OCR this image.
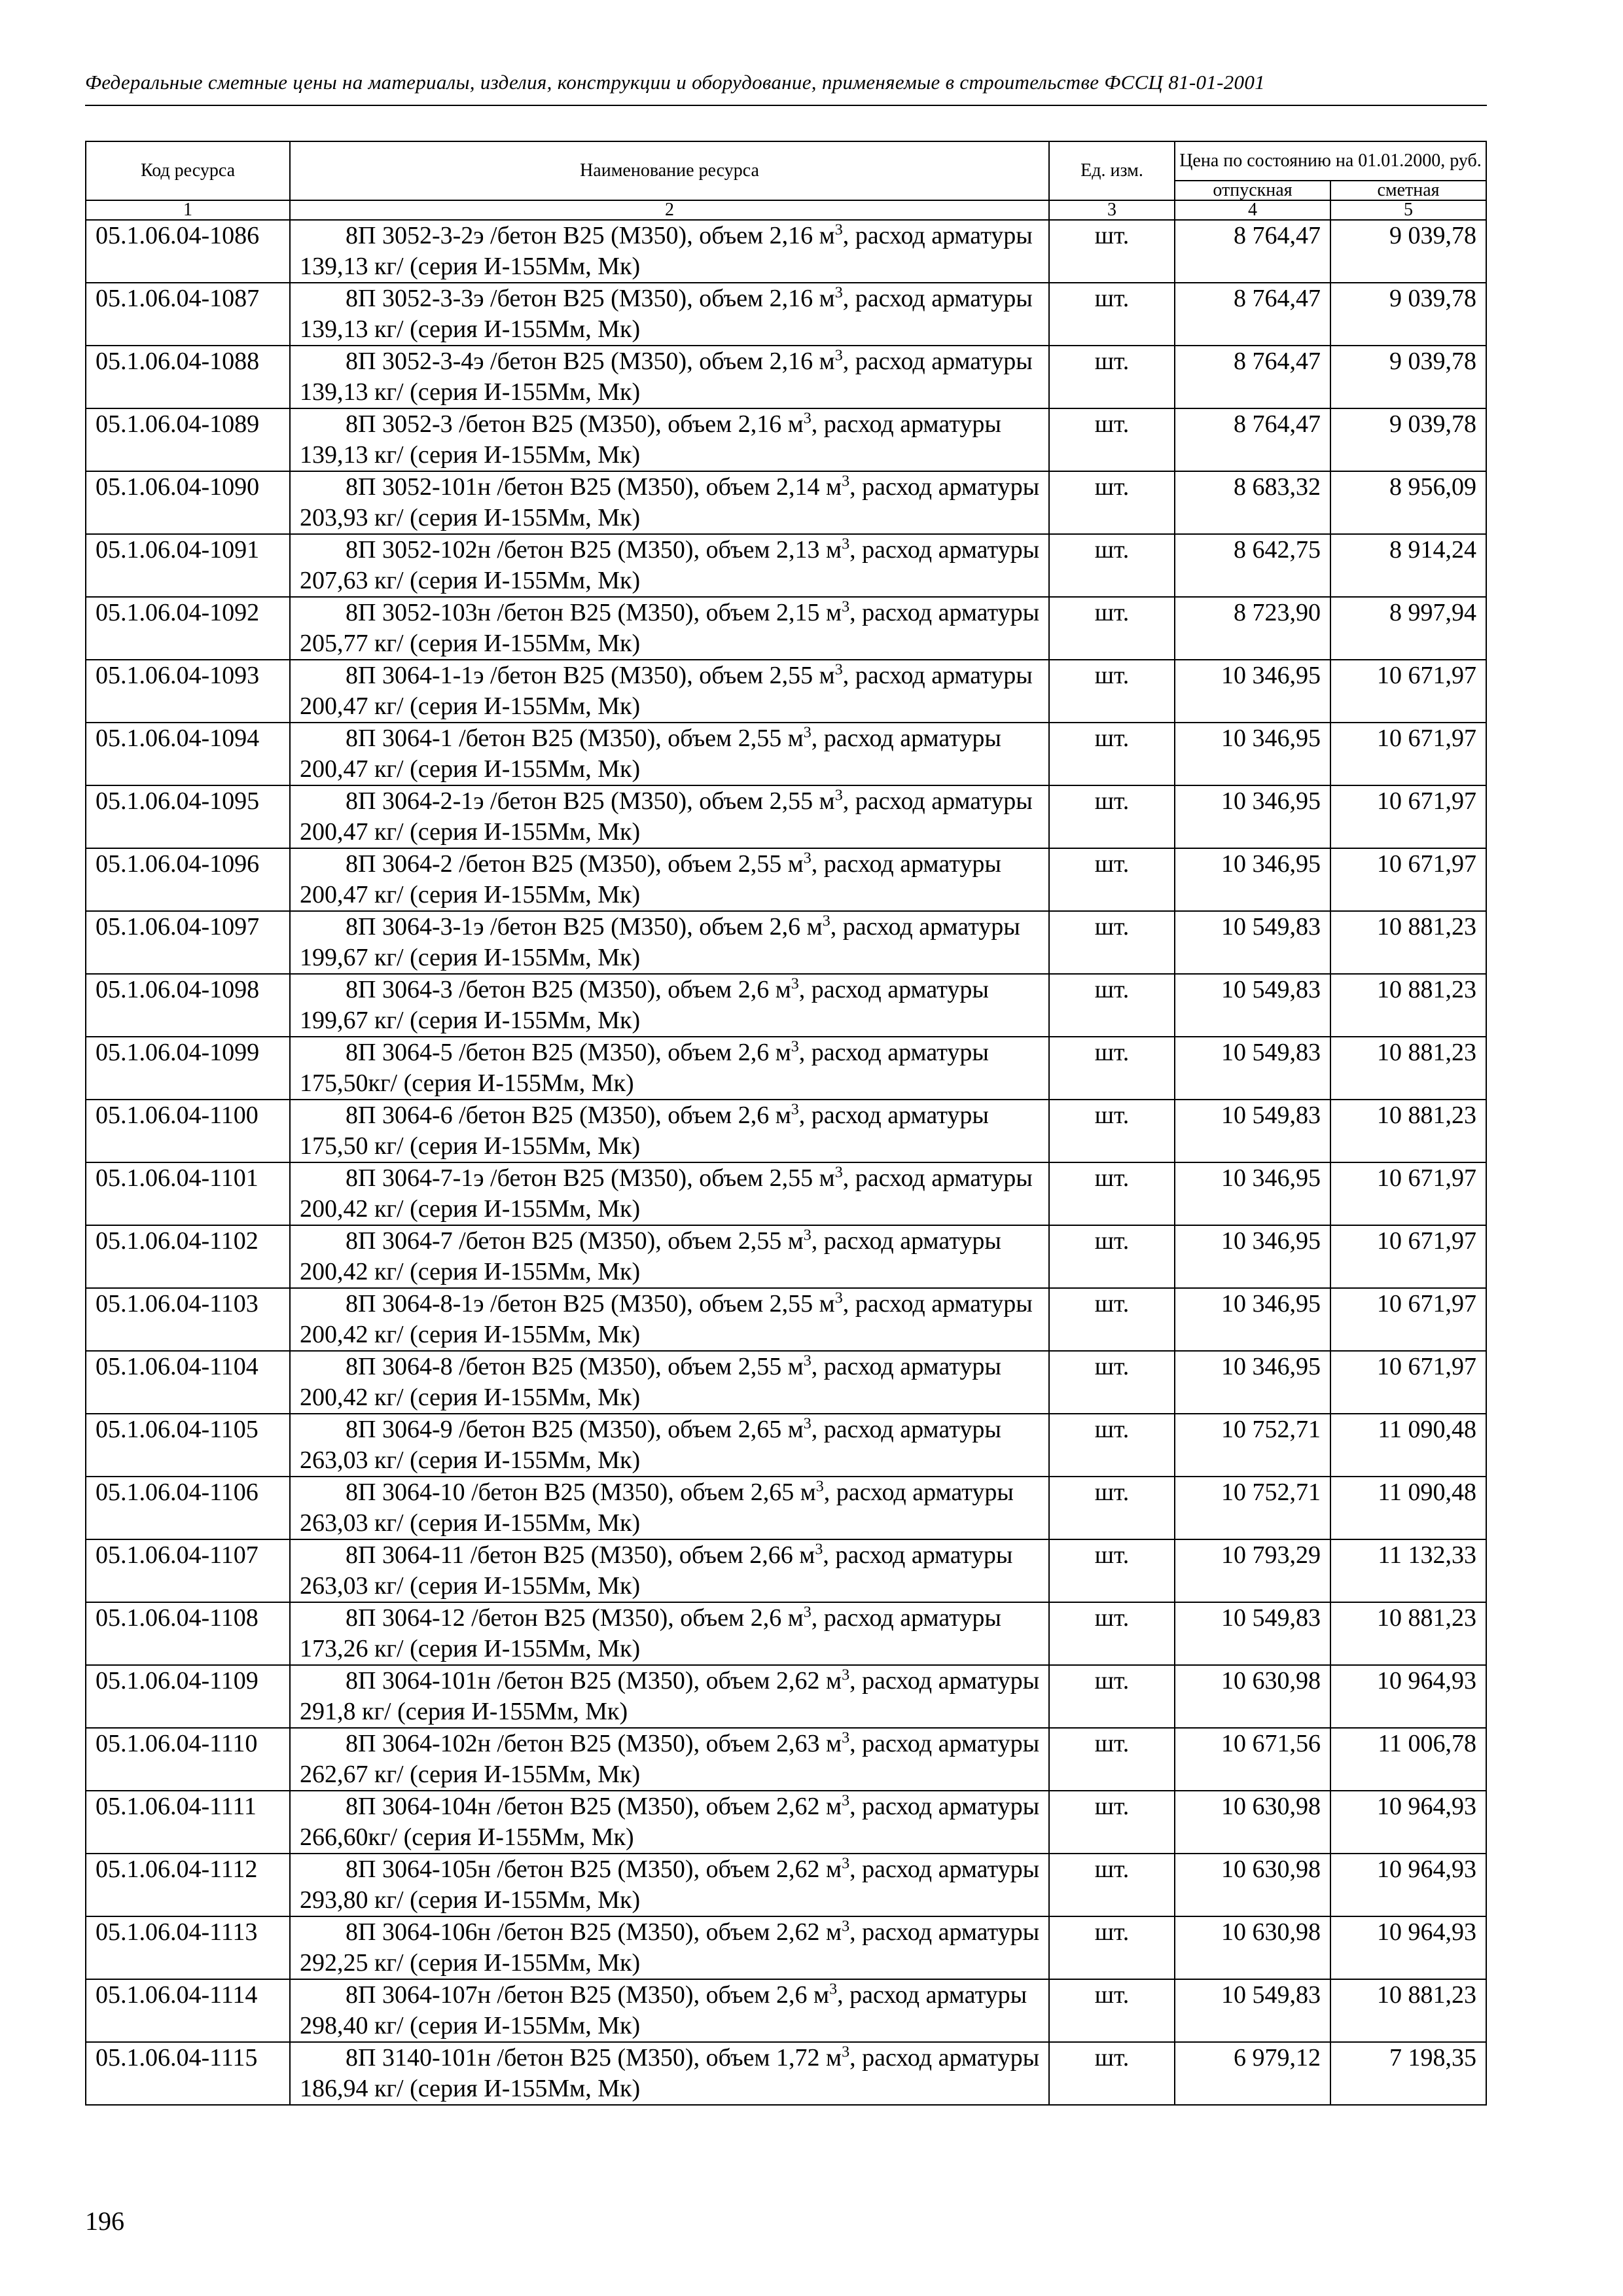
Федеральные сметные цены на материалы, изделия, конструкции и оборудование, применяемые в строительстве ФССЦ 81-01-2001
Код ресурса	Наименование ресурса	Ед. изм.	Цена по состоянию на 01.01.2000, руб.	
			отпускная	сметная
1	2	3	4	5
05.1.06.04-1086	8П 3052-3-2э /бетон В25 (М350), объем 2,16 $м^3$, расход арматуры 139,13 кг/ (серия И-155Мм, Мк)	шт.	8 764,47	9 039,78
05.1.06.04-1087	8П 3052-3-3э /бетон В25 (М350), объем 2,16 $м^3$, расход арматуры 139,13 кг/ (серия И-155Мм, Мк)	шт.	8 764,47	9 039,78
05.1.06.04-1088	8П 3052-3-4э /бетон В25 (М350), объем 2,16 $м^3$, расход арматуры 139,13 кг/ (серия И-155Мм, Мк)	шт.	8 764,47	9 039,78
05.1.06.04-1089	8П 3052-3 /бетон В25 (М350), объем 2,16 $м^3$, расход арматуры 139,13 кг/ (серия И-155Мм, Мк)	шт.	8 764,47	9 039,78
05.1.06.04-1090	8П 3052-101н /бетон В25 (М350), объем 2,14 $м^3$, расход арматуры 203,93 кг/ (серия И-155Мм, Мк)	шт.	8 683,32	8 956,09
05.1.06.04-1091	8П 3052-102н /бетон В25 (М350), объем 2,13 $м^3$, расход арматуры 207,63 кг/ (серия И-155Мм, Мк)	шт.	8 642,75	8 914,24
05.1.06.04-1092	8П 3052-103н /бетон В25 (М350), объем 2,15 $м^3$, расход арматуры 205,77 кг/ (серия И-155Мм, Мк)	шт.	8 723,90	8 997,94
05.1.06.04-1093	8П 3064-1-1э /бетон В25 (М350), объем 2,55 $м^3$, расход арматуры 200,47 кг/ (серия И-155Мм, Мк)	шт.	10 346,95	10 671,97
05.1.06.04-1094	8П 3064-1 /бетон В25 (М350), объем 2,55 $м^3$, расход арматуры 200,47 кг/ (серия И-155Мм, Мк)	шт.	10 346,95	10 671,97
05.1.06.04-1095	8П 3064-2-1э /бетон В25 (М350), объем 2,55 $м^3$, расход арматуры 200,47 кг/ (серия И-155Мм, Мк)	шт.	10 346,95	10 671,97
05.1.06.04-1096	8П 3064-2 /бетон В25 (М350), объем 2,55 $м^3$, расход арматуры 200,47 кг/ (серия И-155Мм, Мк)	шт.	10 346,95	10 671,97
05.1.06.04-1097	8П 3064-3-1э /бетон В25 (М350), объем 2,6 $м^3$, расход арматуры 199,67 кг/ (серия И-155Мм, Мк)	шт.	10 549,83	10 881,23
05.1.06.04-1098	8П 3064-3 /бетон В25 (М350), объем 2,6 $м^3$, расход арматуры 199,67 кг/ (серия И-155Мм, Мк)	шт.	10 549,83	10 881,23
05.1.06.04-1099	8П 3064-5 /бетон В25 (М350), объем 2,6 $м^3$, расход арматуры 175,50кг/ (серия И-155Мм, Мк)	шт.	10 549,83	10 881,23
05.1.06.04-1100	8П 3064-6 /бетон В25 (М350), объем 2,6 $м^3$, расход арматуры 175,50 кг/ (серия И-155Мм, Мк)	шт.	10 549,83	10 881,23
05.1.06.04-1101	8П 3064-7-1э /бетон В25 (М350), объем 2,55 $м^3$, расход арматуры 200,42 кг/ (серия И-155Мм, Мк)	шт.	10 346,95	10 671,97
05.1.06.04-1102	8П 3064-7 /бетон В25 (М350), объем 2,55 $м^3$, расход арматуры 200,42 кг/ (серия И-155Мм, Мк)	шт.	10 346,95	10 671,97
05.1.06.04-1103	8П 3064-8-1э /бетон В25 (М350), объем 2,55 $м^3$, расход арматуры 200,42 кг/ (серия И-155Мм, Мк)	шт.	10 346,95	10 671,97
05.1.06.04-1104	8П 3064-8 /бетон В25 (М350), объем 2,55 $м^3$, расход арматуры 200,42 кг/ (серия И-155Мм, Мк)	шт.	10 346,95	10 671,97
05.1.06.04-1105	8П 3064-9 /бетон В25 (М350), объем 2,65 $м^3$, расход арматуры 263,03 кг/ (серия И-155Мм, Мк)	шт.	10 752,71	11 090,48
05.1.06.04-1106	8П 3064-10 /бетон В25 (М350), объем 2,65 $м^3$, расход арматуры 263,03 кг/ (серия И-155Мм, Мк)	шт.	10 752,71	11 090,48
05.1.06.04-1107	8П 3064-11 /бетон В25 (М350), объем 2,66 $м^3$, расход арматуры 263,03 кг/ (серия И-155Мм, Мк)	шт.	10 793,29	11 132,33
05.1.06.04-1108	8П 3064-12 /бетон В25 (М350), объем 2,6 $м^3$, расход арматуры 173,26 кг/ (серия И-155Мм, Мк)	шт.	10 549,83	10 881,23
05.1.06.04-1109	8П 3064-101н /бетон В25 (М350), объем 2,62 $м^3$, расход арматуры 291,8 кг/ (серия И-155Мм, Мк)	шт.	10 630,98	10 964,93
05.1.06.04-1110	8П 3064-102н /бетон В25 (М350), объем 2,63 $м^3$, расход арматуры 262,67 кг/ (серия И-155Мм, Мк)	шт.	10 671,56	11 006,78
05.1.06.04-1111	8П 3064-104н /бетон В25 (М350), объем 2,62 $м^3$, расход арматуры 266,60кг/ (серия И-155Мм, Мк)	шт.	10 630,98	10 964,93
05.1.06.04-1112	8П 3064-105н /бетон В25 (М350), объем 2,62 $м^3$, расход арматуры 293,80 кг/ (серия И-155Мм, Мк)	шт.	10 630,98	10 964,93
05.1.06.04-1113	8П 3064-106н /бетон В25 (М350), объем 2,62 $м^3$, расход арматуры 292,25 кг/ (серия И-155Мм, Мк)	шт.	10 630,98	10 964,93
05.1.06.04-1114	8П 3064-107н /бетон В25 (М350), объем 2,6 $м^3$, расход арматуры 298,40 кг/ (серия И-155Мм, Мк)	шт.	10 549,83	10 881,23
05.1.06.04-1115	8П 3140-101н /бетон В25 (М350), объем 1,72 $м^3$, расход арматуры 186,94 кг/ (серия И-155Мм, Мк)	шт.	6 979,12	7 198,35
196
